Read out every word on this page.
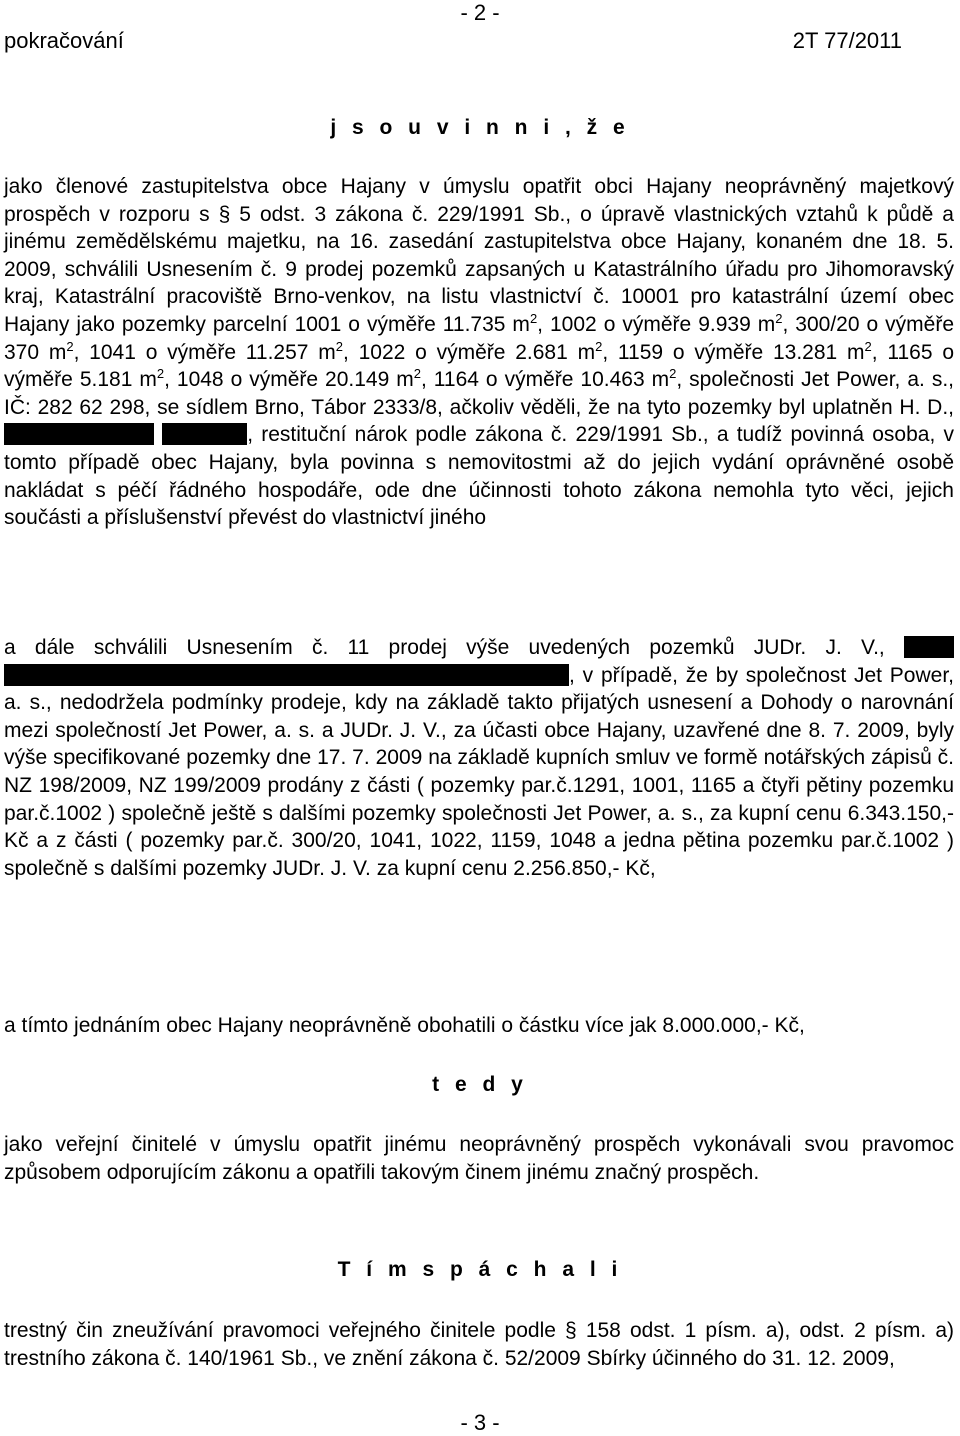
- 2 -
pokračování	2T 77/2011
j s o u v i n n i , ž e
jako členové zastupitelstva obce Hajany v úmyslu opatřit obci Hajany neoprávněný majetkový prospěch v rozporu s § 5 odst. 3 zákona č. 229/1991 Sb., o úpravě vlastnických vztahů k půdě a jinému zemědělskému majetku, na 16. zasedání zastupitelstva obce Hajany, konaném dne 18. 5. 2009, schválili Usnesením č. 9 prodej pozemků zapsaných u Katastrálního úřadu pro Jihomoravský kraj, Katastrální pracoviště Brno-venkov, na listu vlastnictví č. 10001 pro katastrální území obec Hajany jako pozemky parcelní 1001 o výměře 11.735 $m^2$, 1002 o výměře 9.939 $m^2$, 300/20 o výměře 370 $m^2$, 1041 o výměře 11.257 $m^2$, 1022 o výměře 2.681 $m^2$, 1159 o výměře 13.281 $m^2$, 1165 o výměře 5.181 $m^2$, 1048 o výměře 20.149 $m^2$, 1164 o výměře 10.463 $m^2$, společnosti Jet Power, a. s., IČ: 282 62 298, se sídlem Brno, Tábor 2333/8, ačkoliv věděli, že na tyto pozemky byl uplatněn H. D.,  , restituční nárok podle zákona č. 229/1991 Sb., a tudíž povinná osoba, v tomto případě obec Hajany, byla povinna s nemovitostmi až do jejich vydání oprávněné osobě nakládat s péčí řádného hospodáře, ode dne účinnosti tohoto zákona nemohla tyto věci, jejich součásti a příslušenství převést do vlastnictví jiného
a dále schválili Usnesením č. 11 prodej výše uvedených pozemků JUDr. J. V.,  , v případě, že by společnost Jet Power, a. s., nedodržela podmínky prodeje, kdy na základě takto přijatých usnesení a Dohody o narovnání mezi společností Jet Power, a. s. a JUDr. J. V., za účasti obce Hajany, uzavřené dne 8. 7. 2009, byly výše specifikované pozemky dne 17. 7. 2009 na základě kupních smluv ve formě notářských zápisů č. NZ 198/2009, NZ 199/2009 prodány z části ( pozemky par.č.1291, 1001, 1165 a čtyři pětiny pozemku par.č.1002 ) společně ještě s dalšími pozemky společnosti Jet Power, a. s., za kupní cenu 6.343.150,- Kč a z části ( pozemky par.č. 300/20, 1041, 1022, 1159, 1048 a jedna pětina pozemku par.č.1002 ) společně s dalšími pozemky JUDr. J. V. za kupní cenu 2.256.850,- Kč,
a tímto jednáním obec Hajany neoprávněně obohatili o částku více jak 8.000.000,- Kč,
t e d y
jako veřejní činitelé v úmyslu opatřit jinému neoprávněný prospěch vykonávali svou pravomoc způsobem odporujícím zákonu a opatřili takovým činem jinému značný prospěch.
T í m s p á c h a l i
trestný čin zneužívání pravomoci veřejného činitele podle § 158 odst. 1 písm. a), odst. 2 písm. a) trestního zákona č. 140/1961 Sb., ve znění zákona č. 52/2009 Sbírky účinného do 31. 12. 2009,
- 3 -
